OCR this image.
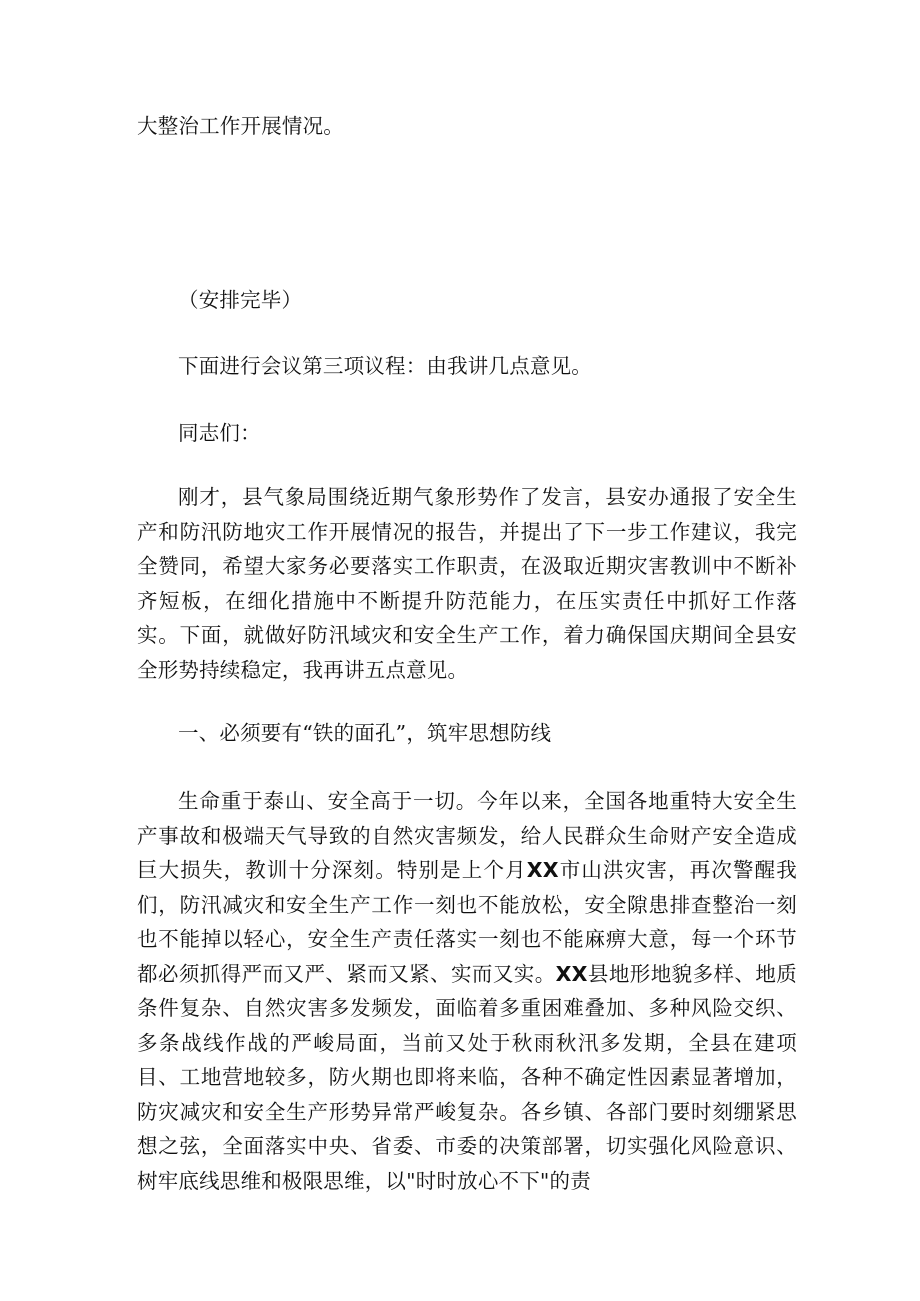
大整治工作开展情况。

（安排完毕）

下面进行会议第三项议程：由我讲几点意见。

同志们：

刚才，县气象局围绕近期气象形势作了发言，县安办通报了安全生产和防汛防地灾工作开展情况的报告，并提出了下一步工作建议，我完全赞同，希望大家务必要落实工作职责，在汲取近期灾害教训中不断补齐短板，在细化措施中不断提升防范能力，在压实责任中抓好工作落实。下面，就做好防汛域灾和安全生产工作，着力确保国庆期间全县安全形势持续稳定，我再讲五点意见。

一、必须要有“铁的面孔”，筑牢思想防线

生命重于泰山、安全高于一切。今年以来，全国各地重特大安全生产事故和极端天气导致的自然灾害频发，给人民群众生命财产安全造成巨大损失，教训十分深刻。特别是上个月XX市山洪灾害，再次警醒我们，防汛减灾和安全生产工作一刻也不能放松，安全隙患排查整治一刻也不能掉以轻心，安全生产责任落实一刻也不能麻痹大意，每一个环节都必须抓得严而又严、紧而又紧、实而又实。XX县地形地貌多样、地质条件复杂、自然灾害多发频发，面临着多重困难叠加、多种风险交织、多条战线作战的严峻局面，当前又处于秋雨秋汛多发期，全县在建项目、工地营地较多，防火期也即将来临，各种不确定性因素显著增加，防灾减灾和安全生产形势异常严峻复杂。各乡镇、各部门要时刻绷紧思想之弦，全面落实中央、省委、市委的决策部署，切实强化风险意识、树牢底线思维和极限思维，以"时时放心不下"的责
